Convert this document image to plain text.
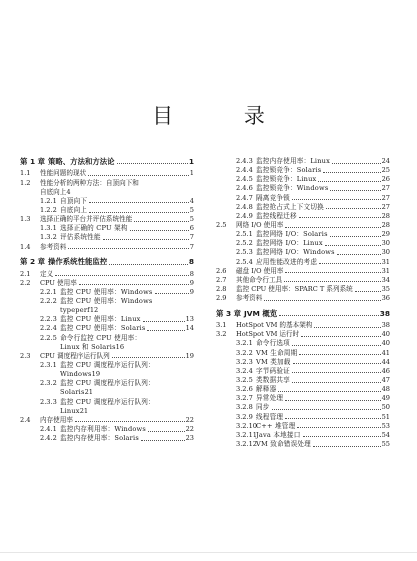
目 录
第 1 章 策略、方法和方法论	1
1.1	性能问题的现状	1
1.2	性能分析的两种方法：自顶向下和
自底向上 4
1.2.1 自顶向下	4
1.2.2 自底向上	5
1.3	选择正确的平台并评估系统性能	5
1.3.1 选择正确的 CPU 架构	6
1.3.2 评估系统性能	7
1.4	参考资料	7
第 2 章 操作系统性能监控	8
2.1	定义	8
2.2	CPU 使用率	9
2.2.1 监控 CPU 使用率：Windows	9
2.2.2 监控 CPU 使用率：Windows
typeperf 12
2.2.3 监控 CPU 使用率：Linux	13
2.2.4 监控 CPU 使用率：Solaris	14
2.2.5 命令行监控 CPU 使用率：
Linux 和 Solaris 16
2.3	CPU 调度程序运行队列	19
2.3.1 监控 CPU 调度程序运行队列：
Windows 19
2.3.2 监控 CPU 调度程序运行队列：
Solaris 21
2.3.3 监控 CPU 调度程序运行队列：
Linux 21
2.4	内存使用率	22
2.4.1 监控内存利用率：Windows	22
2.4.2 监控内存使用率：Solaris	23
2.4.3 监控内存使用率：Linux	24
2.4.4 监控锁竞争：Solaris	25
2.4.5 监控锁竞争：Linux	26
2.4.6 监控锁竞争：Windows	27
2.4.7 隔离竞争锁	27
2.4.8 监控抢占式上下文切换	27
2.4.9 监控线程迁移	28
2.5	网络 I/O 使用率	28
2.5.1 监控网络 I/O：Solaris	29
2.5.2 监控网络 I/O：Linux	30
2.5.3 监控网络 I/O：Windows	30
2.5.4 应用性能改进的考虑	31
2.6	磁盘 I/O 使用率	31
2.7	其他命令行工具	34
2.8	监控 CPU 使用率：SPARC T 系列系统	35
2.9	参考资料	36
第 3 章 JVM 概览	38
3.1	HotSpot VM 的基本架构	38
3.2	HotSpot VM 运行时	40
3.2.1 命令行选项	40
3.2.2 VM 生命周期	41
3.2.3 VM 类加载	44
3.2.4 字节码验证	46
3.2.5 类数据共享	47
3.2.6 解释器	48
3.2.7 异常处理	49
3.2.8 同步	50
3.2.9 线程管理	51
3.2.10 C++ 堆管理	53
3.2.11 Java 本地接口	54
3.2.12 VM 致命错误处理	55
